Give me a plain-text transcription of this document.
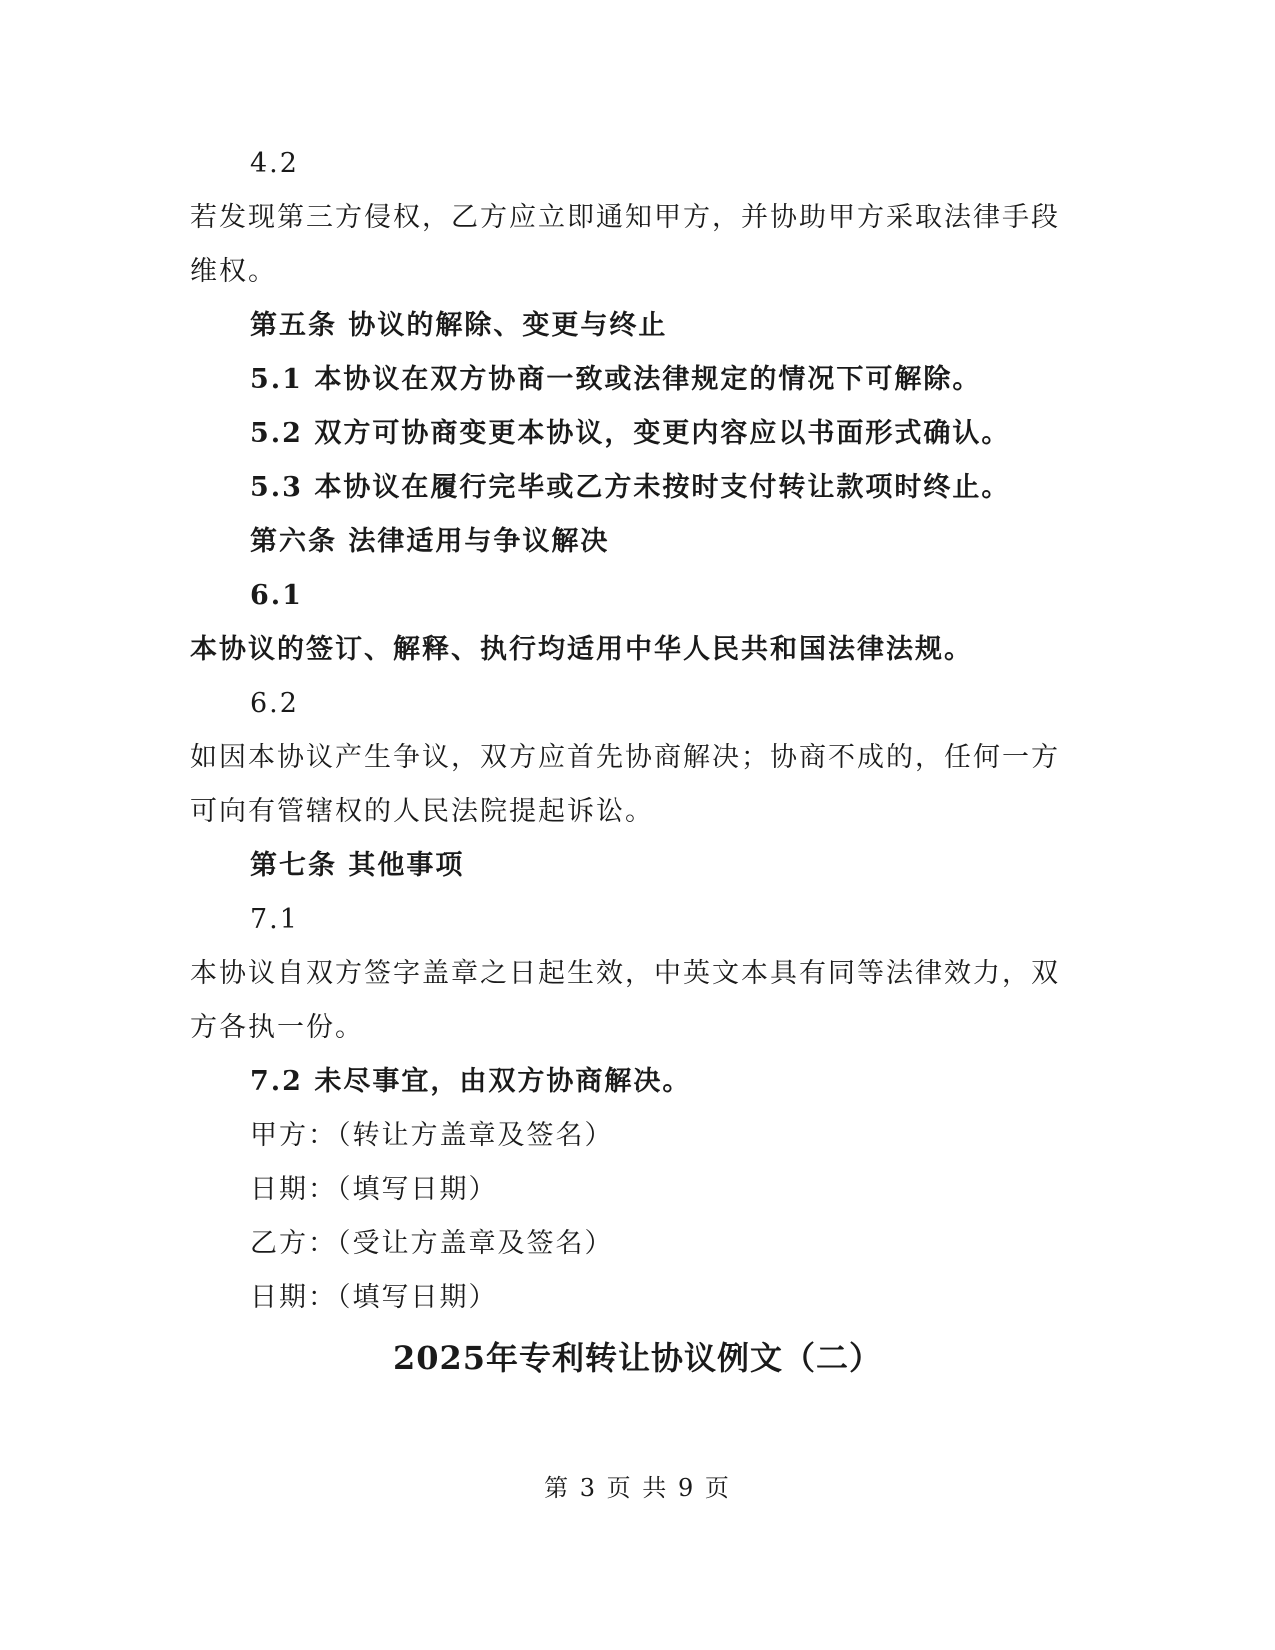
4.2
若发现第三方侵权，乙方应立即通知甲方，并协助甲方采取法律手段
维权。
第五条 协议的解除、变更与终止
5.1 本协议在双方协商一致或法律规定的情况下可解除。
5.2 双方可协商变更本协议，变更内容应以书面形式确认。
5.3 本协议在履行完毕或乙方未按时支付转让款项时终止。
第六条 法律适用与争议解决
6.1
本协议的签订、解释、执行均适用中华人民共和国法律法规。
6.2
如因本协议产生争议，双方应首先协商解决；协商不成的，任何一方
可向有管辖权的人民法院提起诉讼。
第七条 其他事项
7.1
本协议自双方签字盖章之日起生效，中英文本具有同等法律效力，双
方各执一份。
7.2 未尽事宜，由双方协商解决。
甲方：（转让方盖章及签名）
日期：（填写日期）
乙方：（受让方盖章及签名）
日期：（填写日期）
2025年专利转让协议例文（二）
第 3 页 共 9 页
